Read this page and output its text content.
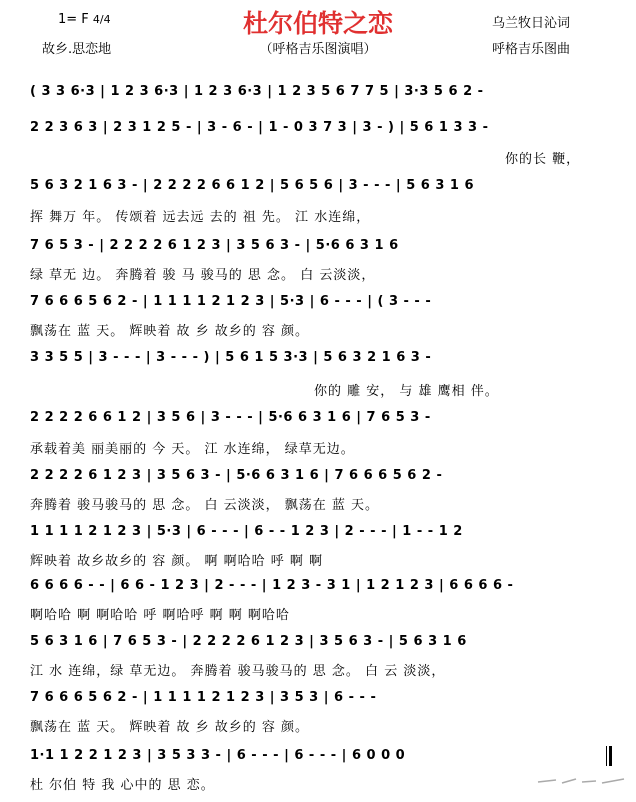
杜尔伯特之恋
1= F 4/4
故乡.思恋地	（呼格吉乐图演唱）
乌兰牧日沁词
呼格吉乐图曲
( 3 3 6·3 | 1 2 3 6·3 | 1 2 3 6·3 | 1 2 3 5 6 7 7 5 | 3·3 5 6 2 -
2 2 3 6 3 | 2 3 1 2 5 - | 3 - 6 - | 1 - 0 3 7 3 | 3 - ) | 5 6 1 3 3 -
你的长 鞭，
5 6 3 2 1 6 3 - | 2 2 2 2 6 6 1 2 | 5 6 5 6 | 3 - - - | 5 6 3 1 6
挥 舞万 年。 传颂着 远去远 去的 祖 先。 江 水连绵，
7 6 5 3 - | 2 2 2 2 6 1 2 3 | 3 5 6 3 - | 5·6 6 3 1 6
绿 草无 边。 奔腾着 骏 马 骏马的 思 念。 白 云淡淡，
7 6 6 6 5 6 2 - | 1 1 1 1 2 1 2 3 | 5·3 | 6 - - - | ( 3 - - -
飘荡在 蓝 天。 辉映着 故 乡 故乡的 容 颜。
3 3 5 5 | 3 - - - | 3 - - - ) | 5 6 1 5 3·3 | 5 6 3 2 1 6 3 -
你的 雕 安， 与 雄 鹰相 伴。
2 2 2 2 6 6 1 2 | 3 5 6 | 3 - - - | 5·6 6 3 1 6 | 7 6 5 3 -
承载着美 丽美丽的 今 天。 江 水连绵， 绿草无边。
2 2 2 2 6 1 2 3 | 3 5 6 3 - | 5·6 6 3 1 6 | 7 6 6 6 5 6 2 -
奔腾着 骏马骏马的 思 念。 白 云淡淡， 飘荡在 蓝 天。
1 1 1 1 2 1 2 3 | 5·3 | 6 - - - | 6 - - 1 2 3 | 2 - - - | 1 - - 1 2
辉映着 故乡故乡的 容 颜。 啊 啊哈哈 呼 啊 啊
6 6 6 6 - - | 6 6 - 1 2 3 | 2 - - - | 1 2 3 - 3 1 | 1 2 1 2 3 | 6 6 6 6 -
啊哈哈 啊 啊哈哈 呼 啊哈呼 啊 啊 啊哈哈
5 6 3 1 6 | 7 6 5 3 - | 2 2 2 2 6 1 2 3 | 3 5 6 3 - | 5 6 3 1 6
江 水 连绵，绿 草无边。 奔腾着 骏马骏马的 思 念。 白 云 淡淡，
7 6 6 6 5 6 2 - | 1 1 1 1 2 1 2 3 | 3 5 3 | 6 - - -
飘荡在 蓝 天。 辉映着 故 乡 故乡的 容 颜。
1·1 1 2 2 1 2 3 | 3 5 3 3 - | 6 - - - | 6 - - - | 6 0 0 0
杜 尔伯 特 我 心中的 思 恋。
